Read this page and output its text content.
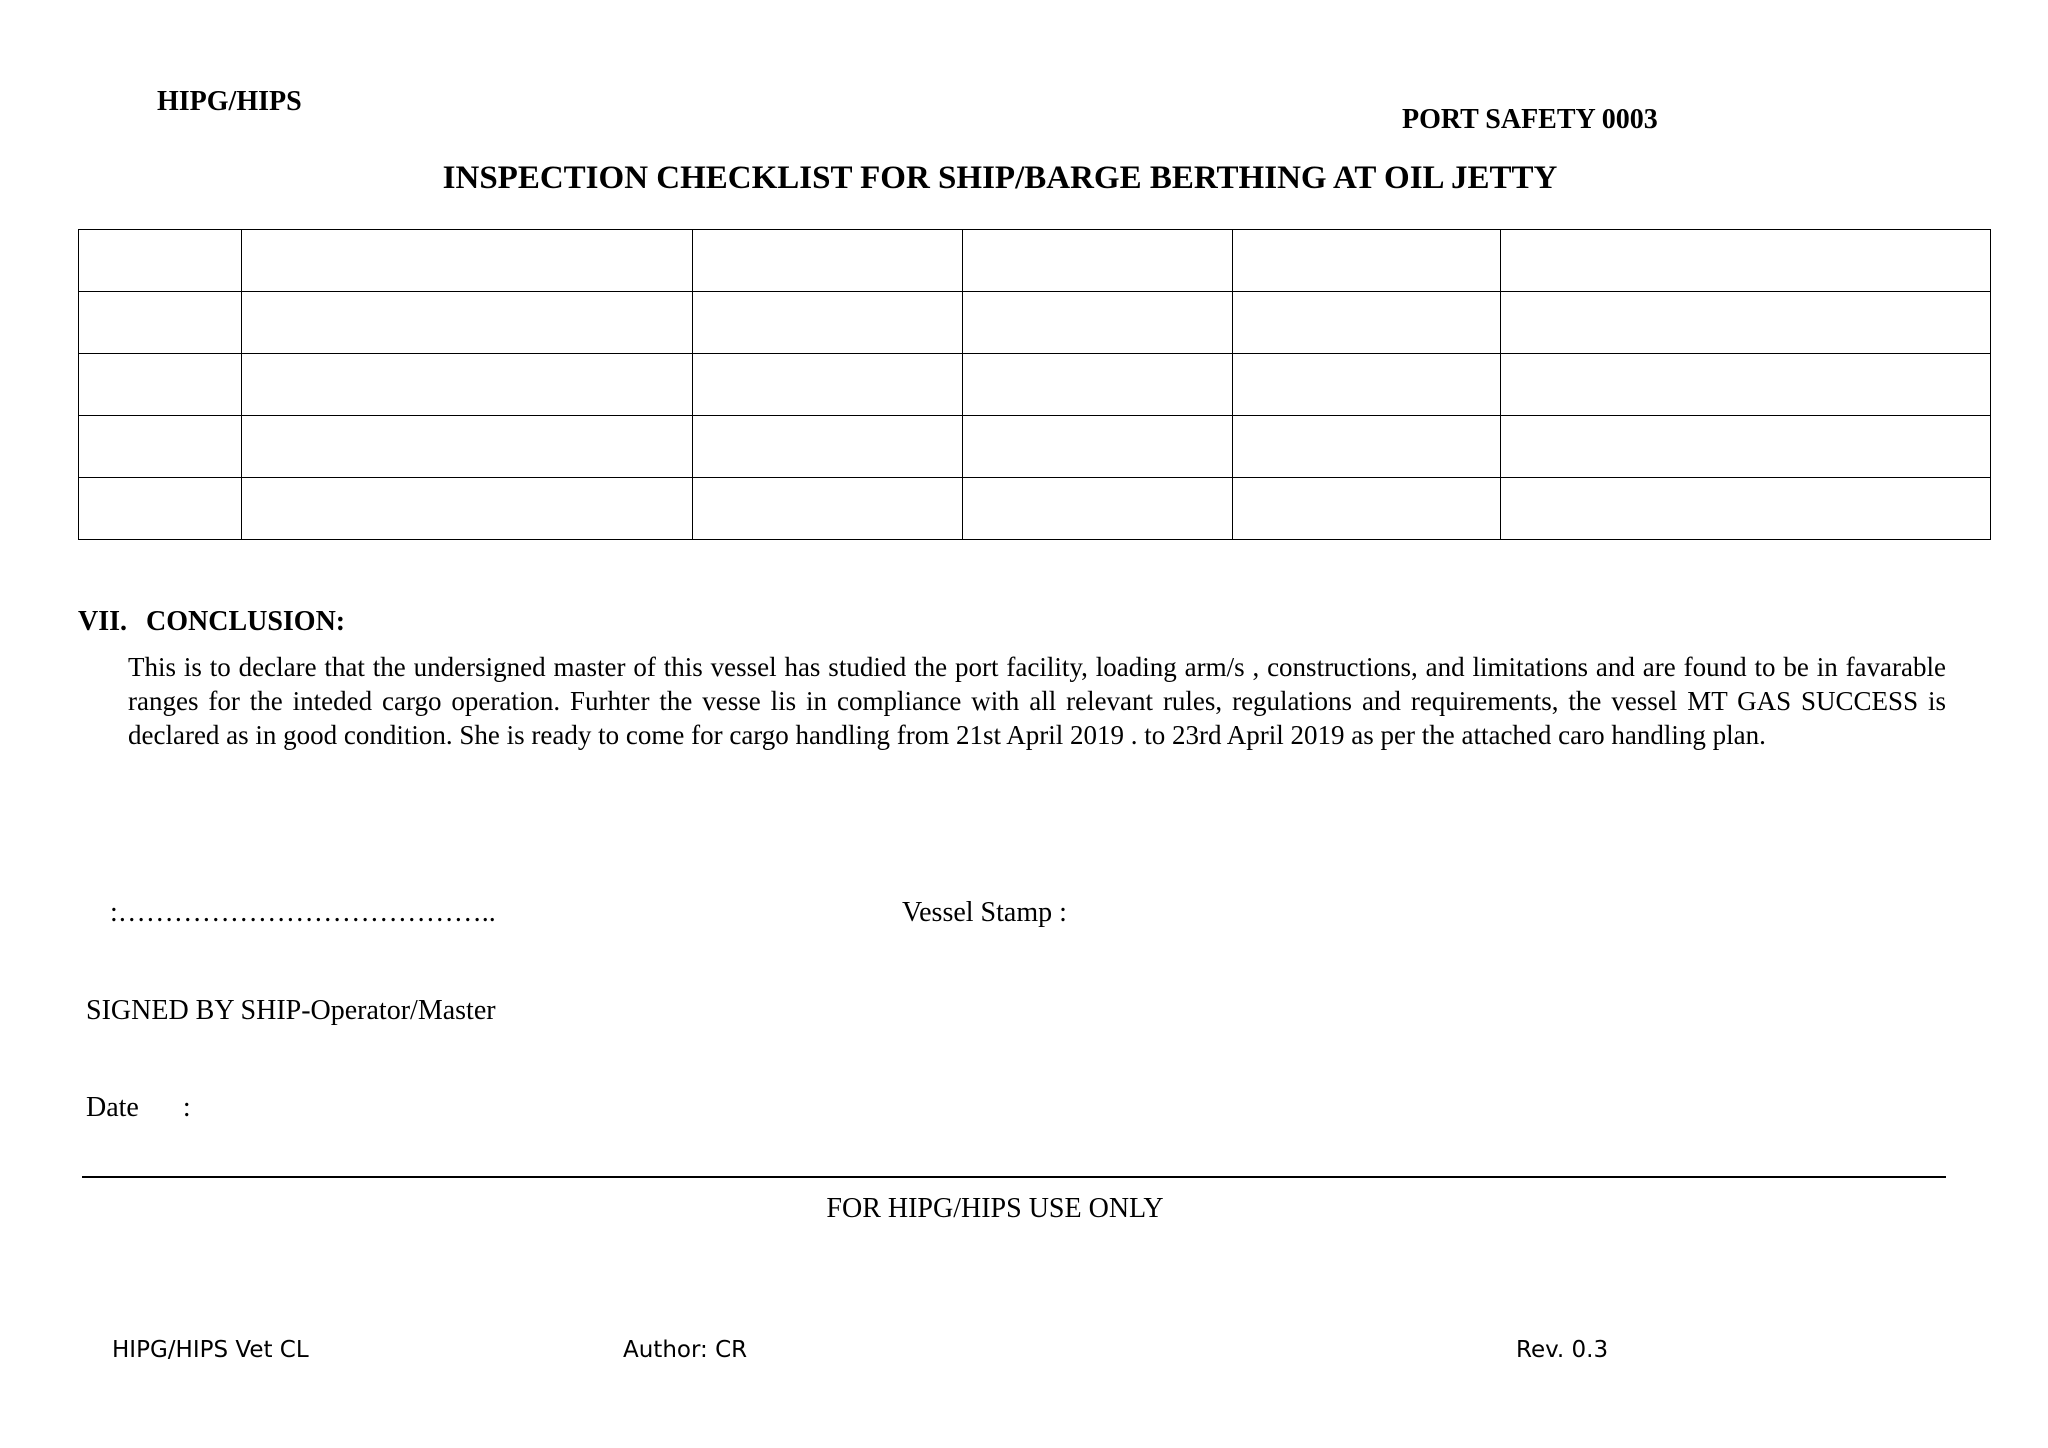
HIPG/HIPS
PORT SAFETY 0003
INSPECTION CHECKLIST FOR SHIP/BARGE BERTHING AT OIL JETTY

VII. CONCLUSION:
This is to declare that the undersigned master of this vessel has studied the port facility, loading arm/s , constructions, and limitations and are found to be in favarable ranges for the inteded cargo operation. Furhter the vesse lis in compliance with all relevant rules, regulations and requirements, the vessel MT GAS SUCCESS is declared as in good condition. She is ready to come for cargo handling from 21st April 2019 . to 23rd April 2019 as per the attached caro handling plan.
:…………………………………..	Vessel Stamp :
SIGNED BY SHIP-Operator/Master
Date :
FOR HIPG/HIPS USE ONLY
HIPG/HIPS Vet CL	Author: CR	Rev. 0.3
